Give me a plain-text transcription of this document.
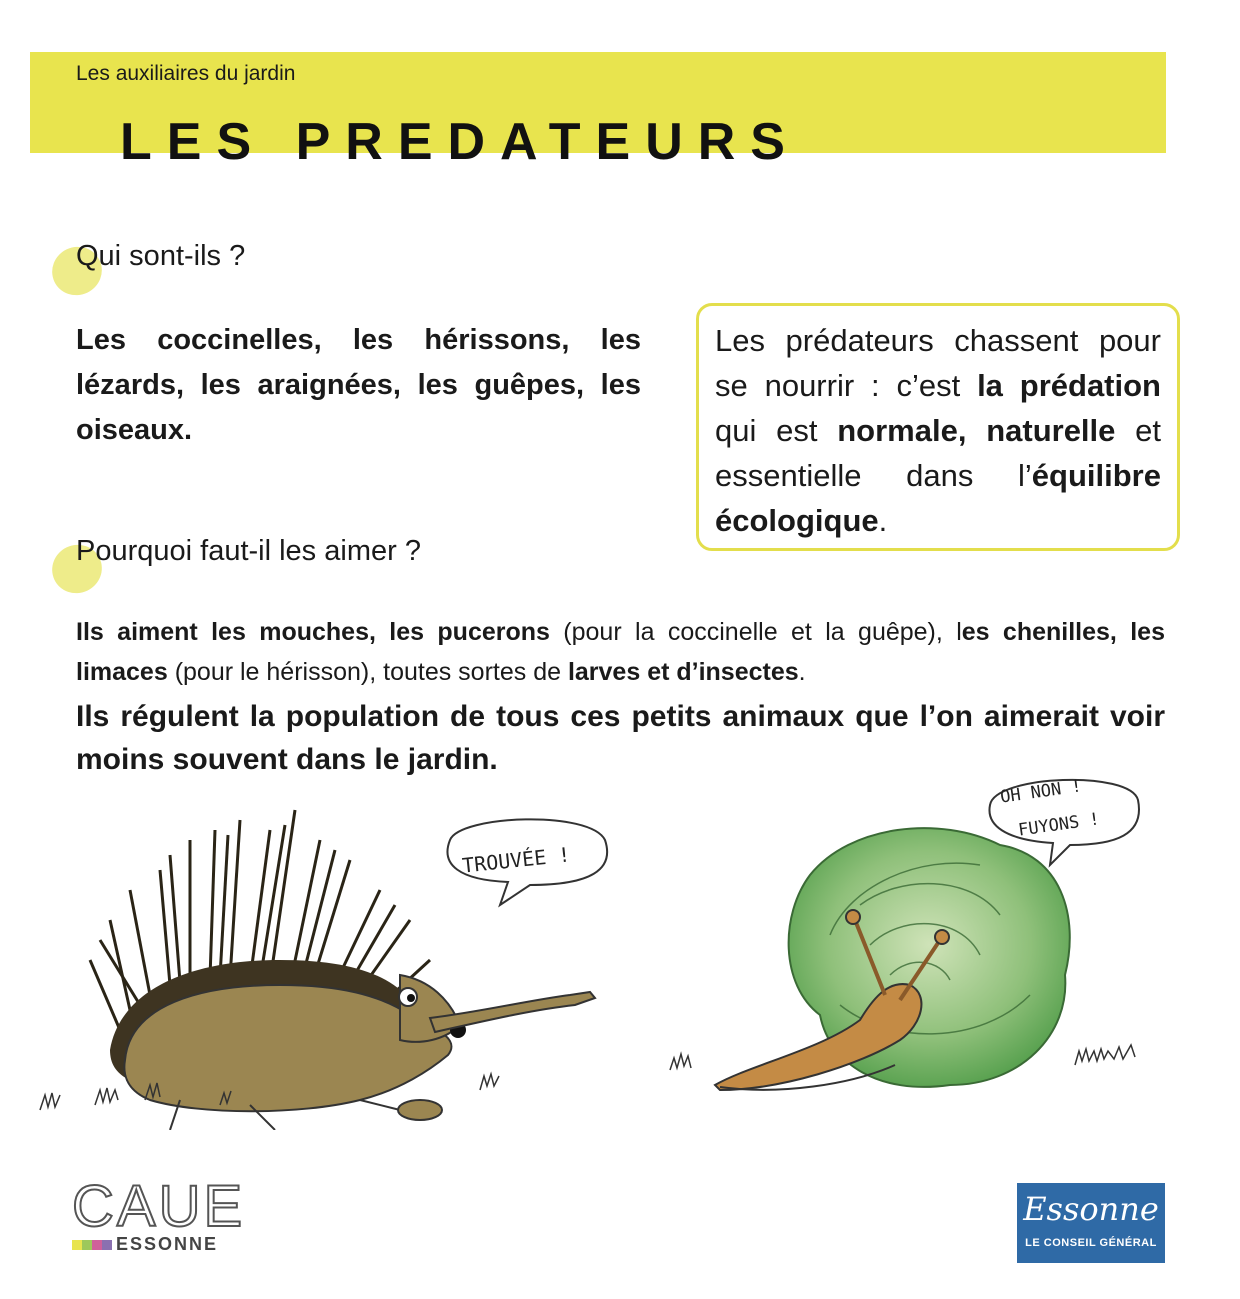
Les auxiliaires du jardin
LES PREDATEURS
Qui sont-ils ?
Les coccinelles, les hérissons, les lézards, les araignées, les guêpes, les oiseaux.
Les prédateurs chassent pour se nourrir : c’est la prédation qui est normale, naturelle et essentielle dans l’équilibre écologique.
Pourquoi faut-il les aimer ?
Ils aiment les mouches, les pucerons (pour la coccinelle et la guêpe), les chenilles, les limaces (pour le hérisson), toutes sortes de larves et d’insectes.
Ils régulent la population de tous ces petits animaux que l’on aimerait voir moins souvent dans le jardin.
TROUVÉE !
OH NON !
FUYONS !
CAUE
ESSONNE
Essonne
LE CONSEIL GÉNÉRAL
